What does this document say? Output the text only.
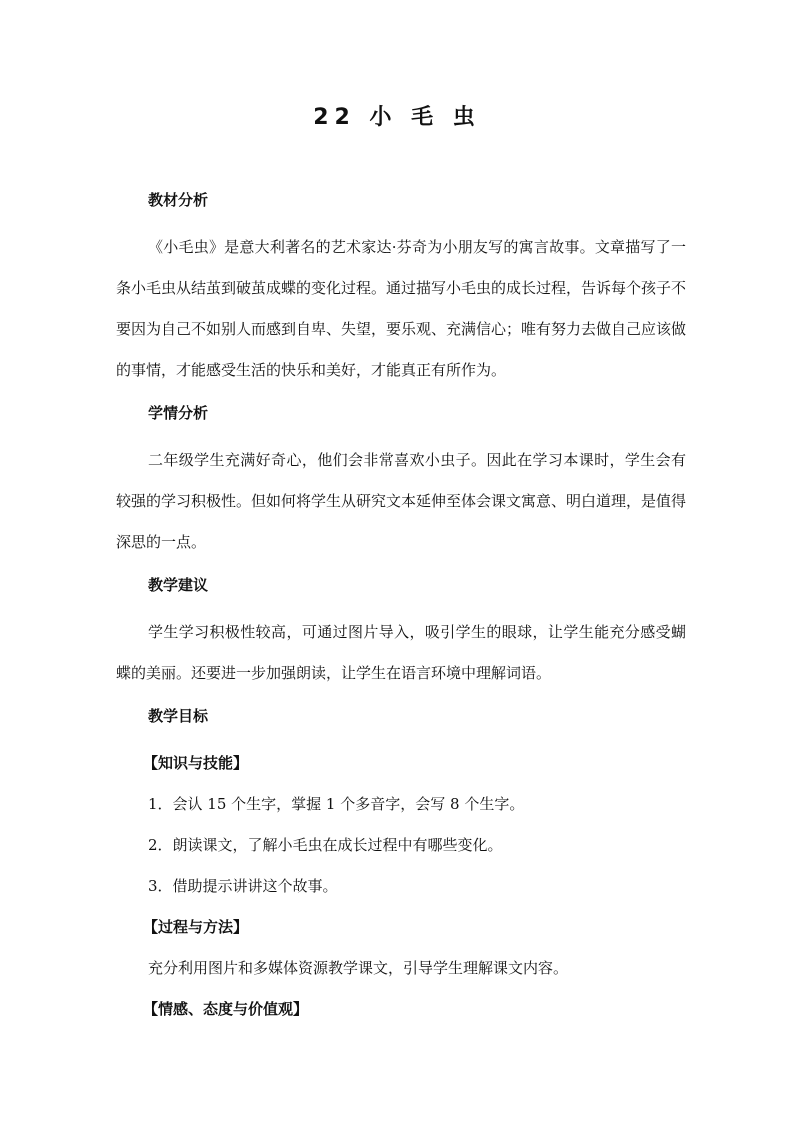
22 小 毛 虫
教材分析

《小毛虫》是意大利著名的艺术家达·芬奇为小朋友写的寓言故事。文章描写了一条小毛虫从结茧到破茧成蝶的变化过程。通过描写小毛虫的成长过程，告诉每个孩子不要因为自己不如别人而感到自卑、失望，要乐观、充满信心；唯有努力去做自己应该做的事情，才能感受生活的快乐和美好，才能真正有所作为。

学情分析

二年级学生充满好奇心，他们会非常喜欢小虫子。因此在学习本课时，学生会有较强的学习积极性。但如何将学生从研究文本延伸至体会课文寓意、明白道理，是值得深思的一点。

教学建议

学生学习积极性较高，可通过图片导入，吸引学生的眼球，让学生能充分感受蝴蝶的美丽。还要进一步加强朗读，让学生在语言环境中理解词语。

教学目标
【知识与技能】
1．会认 15 个生字，掌握 1 个多音字，会写 8 个生字。
2．朗读课文，了解小毛虫在成长过程中有哪些变化。
3．借助提示讲讲这个故事。
【过程与方法】
充分利用图片和多媒体资源教学课文，引导学生理解课文内容。
【情感、态度与价值观】
